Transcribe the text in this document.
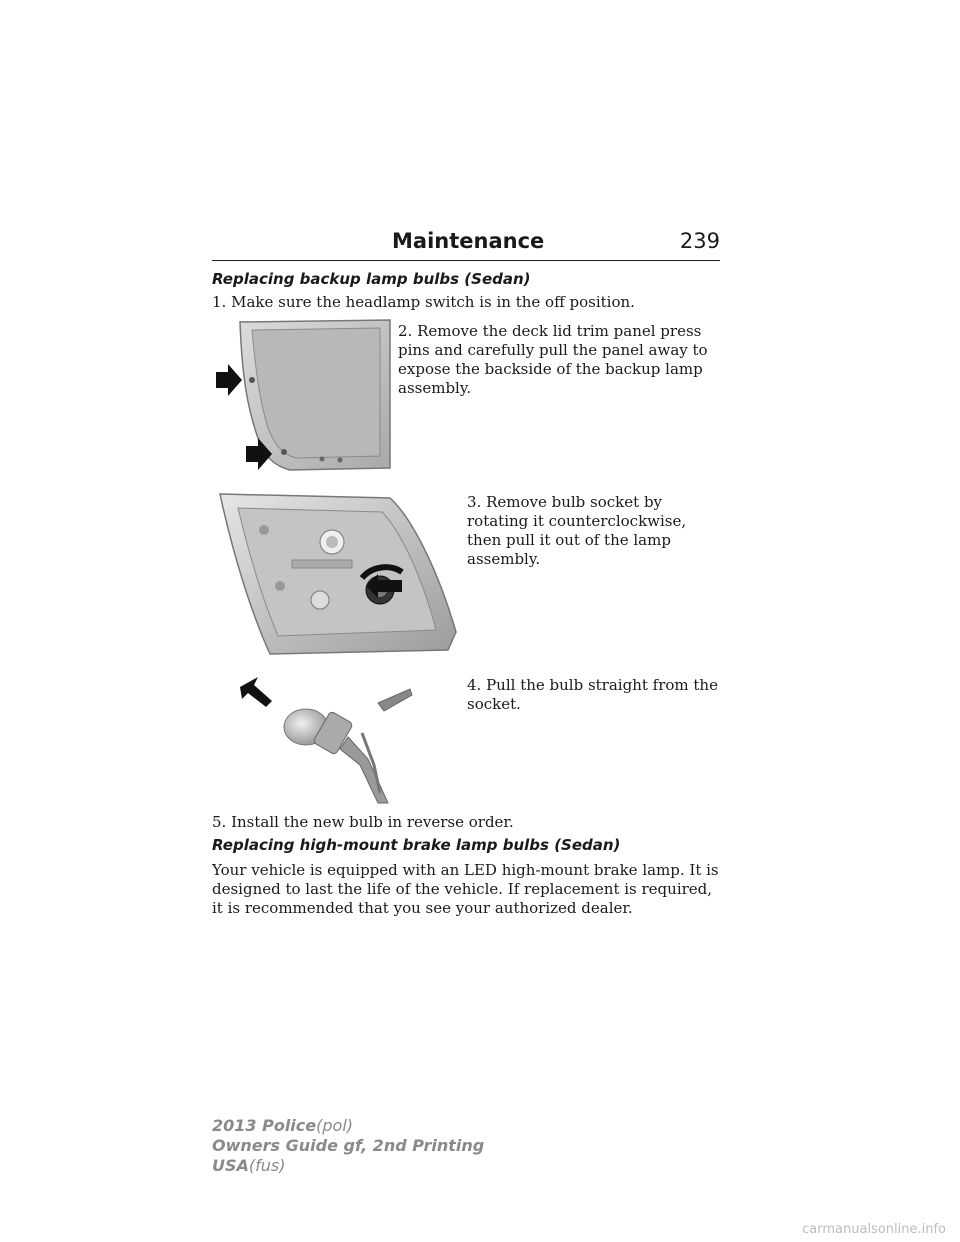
Maintenance	239
Replacing backup lamp bulbs (Sedan)
1. Make sure the headlamp switch is in the off position.
2. Remove the deck lid trim panel press pins and carefully pull the panel away to expose the backside of the backup lamp assembly.
3. Remove bulb socket by rotating it counterclockwise, then pull it out of the lamp assembly.
4. Pull the bulb straight from the socket.
5. Install the new bulb in reverse order.
Replacing high-mount brake lamp bulbs (Sedan)
Your vehicle is equipped with an LED high-mount brake lamp. It is designed to last the life of the vehicle. If replacement is required, it is recommended that you see your authorized dealer.
2013 Police(pol)
Owners Guide gf, 2nd Printing
USA(fus)
carmanualsonline.info
